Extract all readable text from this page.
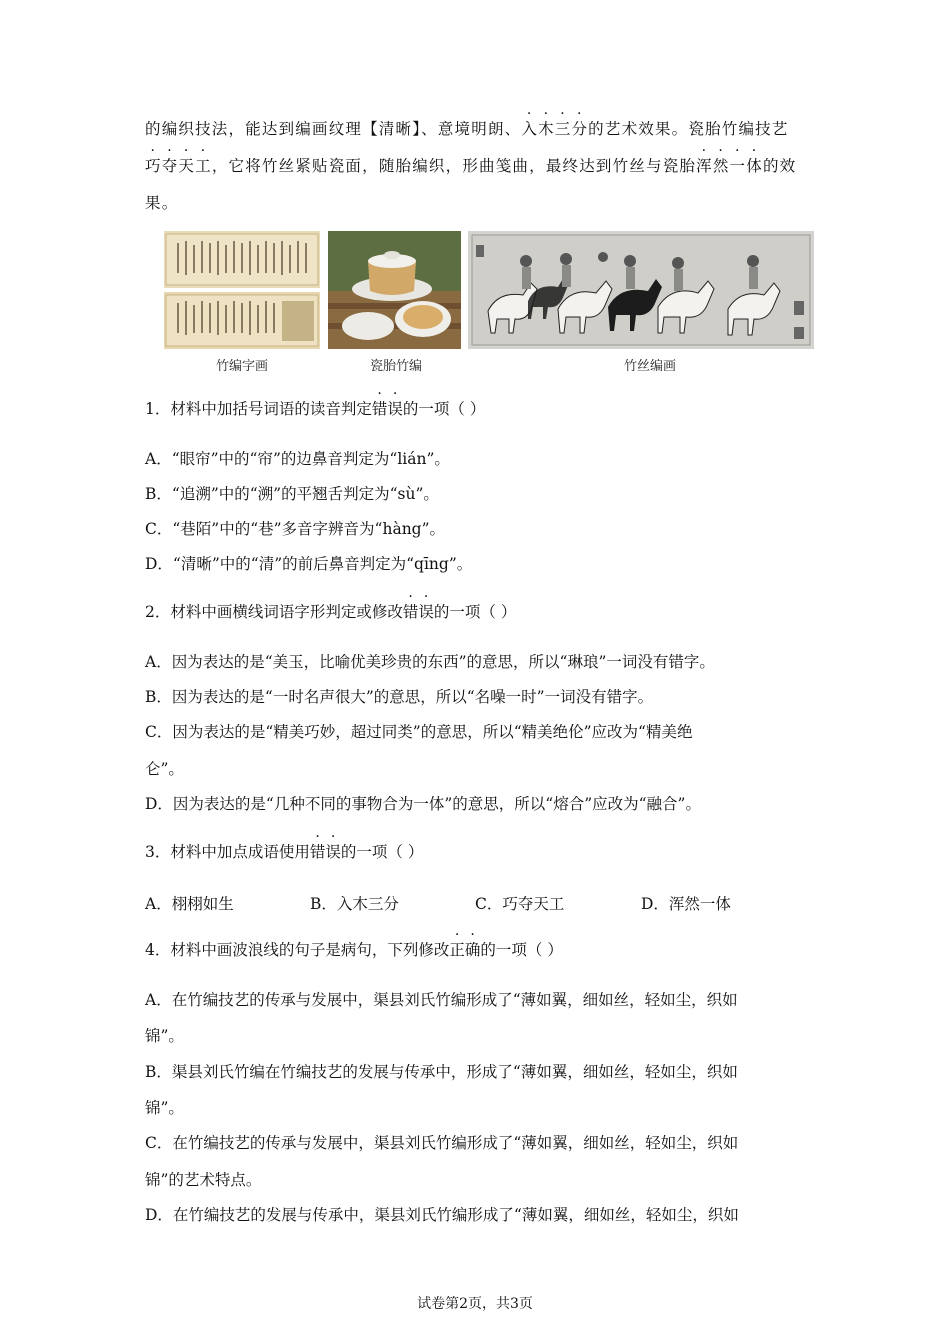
的编织技法，能达到编画纹理【清晰】、意境明朗、入木三分的艺术效果。瓷胎竹编技艺
巧夺天工，它将竹丝紧贴瓷面，随胎编织，形曲笺曲，最终达到竹丝与瓷胎浑然一体的效
果。
竹编字画	瓷胎竹编	竹丝编画
1．材料中加括号词语的读音判定错误的一项（ ）
A．“眼帘”中的“帘”的边鼻音判定为“lián”。
B．“追溯”中的“溯”的平翘舌判定为“sù”。
C．“巷陌”中的“巷”多音字辨音为“hàng”。
D．“清晰”中的“清”的前后鼻音判定为“qīng”。
2．材料中画横线词语字形判定或修改错误的一项（ ）
A．因为表达的是“美玉，比喻优美珍贵的东西”的意思，所以“琳琅”一词没有错字。
B．因为表达的是“一时名声很大”的意思，所以“名噪一时”一词没有错字。
C．因为表达的是“精美巧妙，超过同类”的意思，所以“精美绝伦”应改为“精美绝
仑”。
D．因为表达的是“几种不同的事物合为一体”的意思，所以“熔合”应改为“融合”。
3．材料中加点成语使用错误的一项（ ）
A．栩栩如生	B．入木三分	C．巧夺天工	D．浑然一体
4．材料中画波浪线的句子是病句，下列修改正确的一项（ ）
A．在竹编技艺的传承与发展中，渠县刘氏竹编形成了“薄如翼，细如丝，轻如尘，织如
锦”。
B．渠县刘氏竹编在竹编技艺的发展与传承中，形成了“薄如翼，细如丝，轻如尘，织如
锦”。
C．在竹编技艺的传承与发展中，渠县刘氏竹编形成了“薄如翼，细如丝，轻如尘，织如
锦”的艺术特点。
D．在竹编技艺的发展与传承中，渠县刘氏竹编形成了“薄如翼，细如丝，轻如尘，织如
试卷第2页，共3页
